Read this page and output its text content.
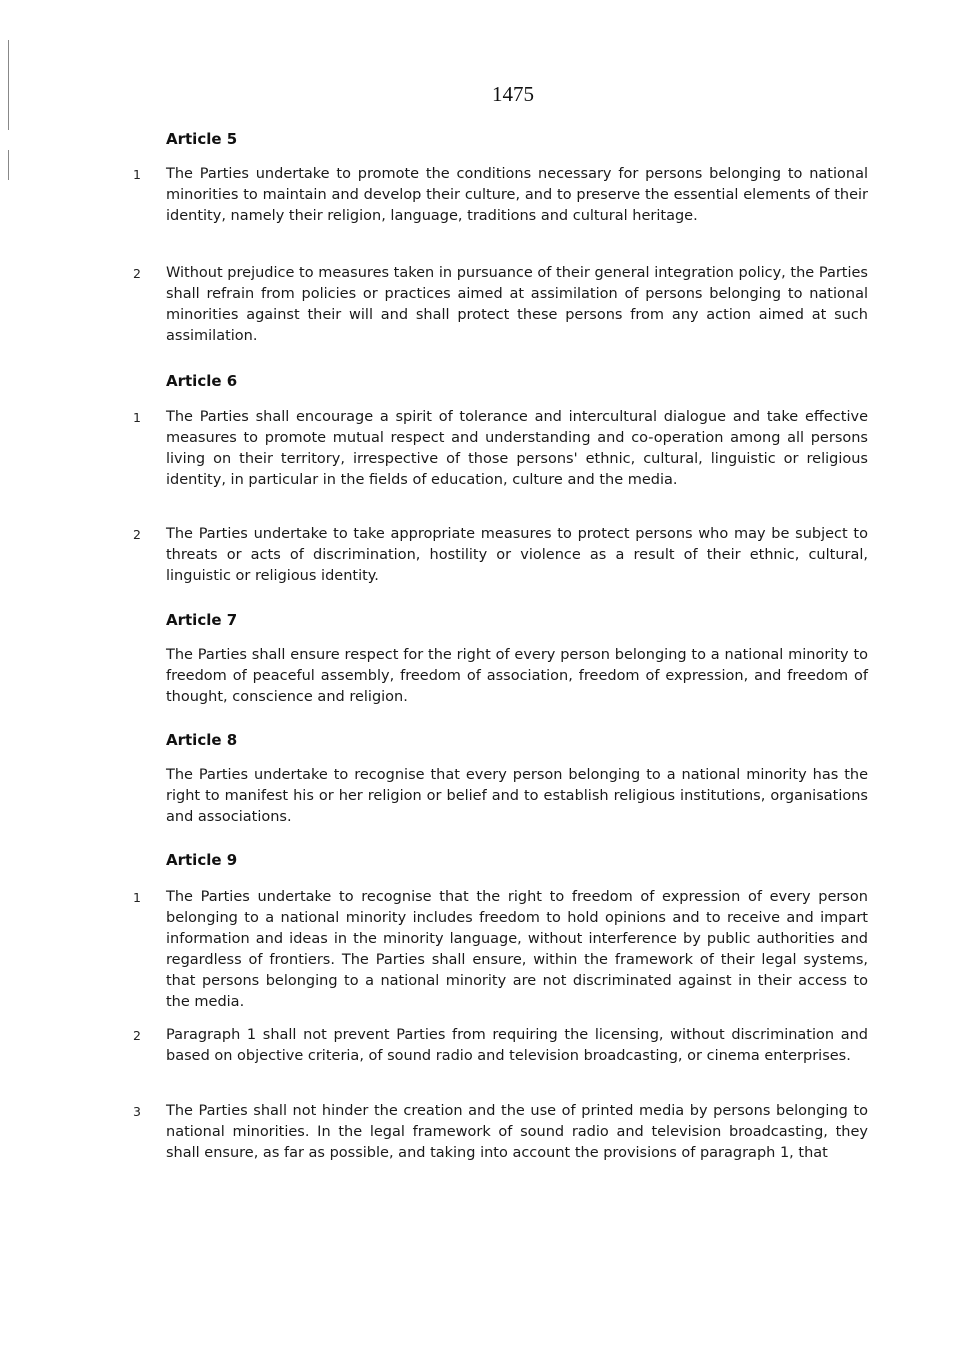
1475
Article 5
1 The Parties undertake to promote the conditions necessary for persons belonging to national minorities to maintain and develop their culture, and to preserve the essential elements of their identity, namely their religion, language, traditions and cultural heritage.
2 Without prejudice to measures taken in pursuance of their general integration policy, the Parties shall refrain from policies or practices aimed at assimilation of persons belonging to national minorities against their will and shall protect these persons from any action aimed at such assimilation.
Article 6
1 The Parties shall encourage a spirit of tolerance and intercultural dialogue and take effective measures to promote mutual respect and understanding and co-operation among all persons living on their territory, irrespective of those persons' ethnic, cultural, linguistic or religious identity, in particular in the fields of education, culture and the media.
2 The Parties undertake to take appropriate measures to protect persons who may be subject to threats or acts of discrimination, hostility or violence as a result of their ethnic, cultural, linguistic or religious identity.
Article 7
The Parties shall ensure respect for the right of every person belonging to a national minority to freedom of peaceful assembly, freedom of association, freedom of expression, and freedom of thought, conscience and religion.
Article 8
The Parties undertake to recognise that every person belonging to a national minority has the right to manifest his or her religion or belief and to establish religious institutions, organisations and associations.
Article 9
1 The Parties undertake to recognise that the right to freedom of expression of every person belonging to a national minority includes freedom to hold opinions and to receive and impart information and ideas in the minority language, without interference by public authorities and regardless of frontiers. The Parties shall ensure, within the framework of their legal systems, that persons belonging to a national minority are not discriminated against in their access to the media.
2 Paragraph 1 shall not prevent Parties from requiring the licensing, without discrimination and based on objective criteria, of sound radio and television broadcasting, or cinema enterprises.
3 The Parties shall not hinder the creation and the use of printed media by persons belonging to national minorities. In the legal framework of sound radio and television broadcasting, they shall ensure, as far as possible, and taking into account the provisions of paragraph 1, that
